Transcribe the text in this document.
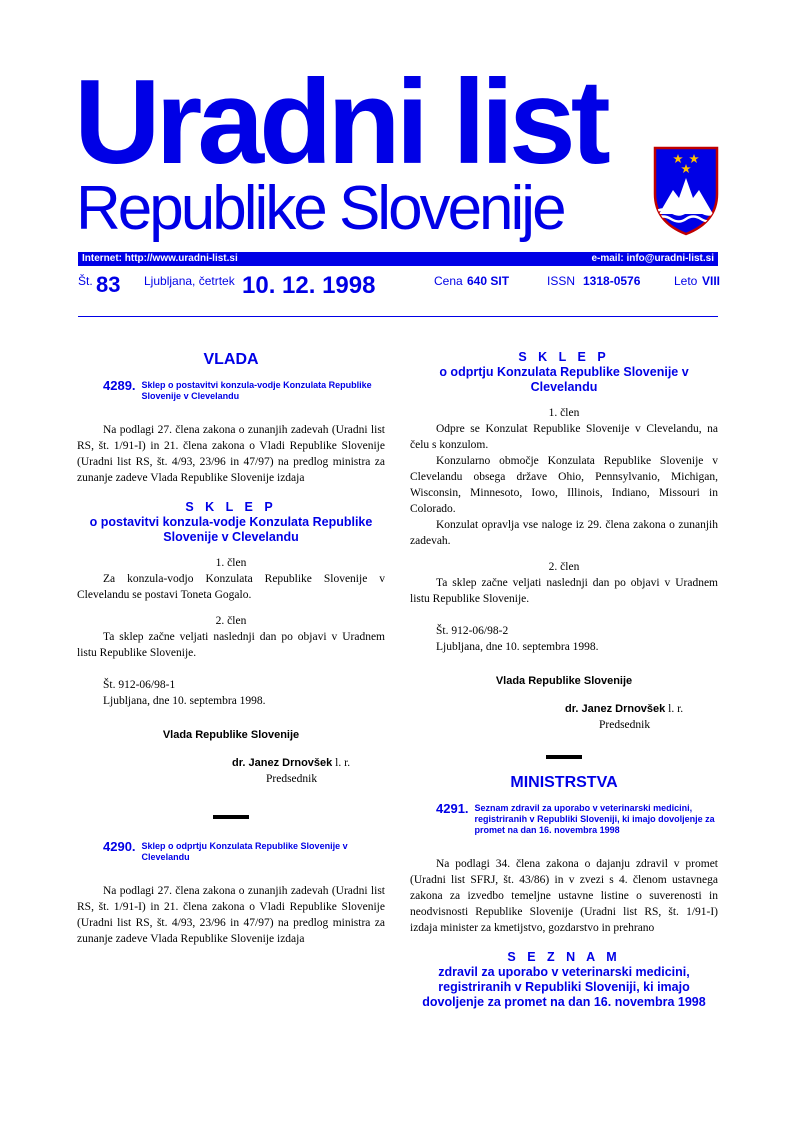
Uradni list
Republike Slovenije
Internet: http://www.uradni-list.si	e-mail: info@uradni-list.si
Št. 83 Ljubljana, četrtek 10. 12. 1998	Cena 640 SIT	ISSN 1318-0576	Leto VIII
VLADA
4289. Sklep o postavitvi konzula-vodje Konzulata Republike Slovenije v Clevelandu

Na podlagi 27. člena zakona o zunanjih zadevah (Uradni list RS, št. 1/91-I) in 21. člena zakona o Vladi Republike Slovenije (Uradni list RS, št. 4/93, 23/96 in 47/97) na predlog ministra za zunanje zadeve Vlada Republike Slovenije izdaja

S K L E P
o postavitvi konzula-vodje Konzulata Republike Slovenije v Clevelandu
1. člen

Za konzula-vodjo Konzulata Republike Slovenije v Clevelandu se postavi Toneta Gogalo.

2. člen

Ta sklep začne veljati naslednji dan po objavi v Uradnem listu Republike Slovenije.

Št. 912-06/98-1
Ljubljana, dne 10. septembra 1998.
Vlada Republike Slovenije
dr. Janez Drnovšek l. r.
Predsednik
4290. Sklep o odprtju Konzulata Republike Slovenije v Clevelandu

Na podlagi 27. člena zakona o zunanjih zadevah (Uradni list RS, št. 1/91-I) in 21. člena zakona o Vladi Republike Slovenije (Uradni list RS, št. 4/93, 23/96 in 47/97) na predlog ministra za zunanje zadeve Vlada Republike Slovenije izdaja

S K L E P
o odprtju Konzulata Republike Slovenije v Clevelandu
1. člen

Odpre se Konzulat Republike Slovenije v Clevelandu, na čelu s konzulom.

Konzularno območje Konzulata Republike Slovenije v Clevelandu obsega države Ohio, Pennsylvanio, Michigan, Wisconsin, Minnesoto, Iowo, Illinois, Indiano, Missouri in Colorado.

Konzulat opravlja vse naloge iz 29. člena zakona o zunanjih zadevah.

2. člen

Ta sklep začne veljati naslednji dan po objavi v Uradnem listu Republike Slovenije.

Št. 912-06/98-2
Ljubljana, dne 10. septembra 1998.
Vlada Republike Slovenije
dr. Janez Drnovšek l. r.
Predsednik
MINISTRSTVA
4291. Seznam zdravil za uporabo v veterinarski medicini, registriranih v Republiki Sloveniji, ki imajo dovoljenje za promet na dan 16. novembra 1998

Na podlagi 34. člena zakona o dajanju zdravil v promet (Uradni list SFRJ, št. 43/86) in v zvezi s 4. členom ustavnega zakona za izvedbo temeljne ustavne listine o suverenosti in neodvisnosti Republike Slovenije (Uradni list RS, št. 1/91-I) izdaja minister za kmetijstvo, gozdarstvo in prehrano

S E Z N A M
zdravil za uporabo v veterinarski medicini, registriranih v Republiki Sloveniji, ki imajo dovoljenje za promet na dan 16. novembra 1998
